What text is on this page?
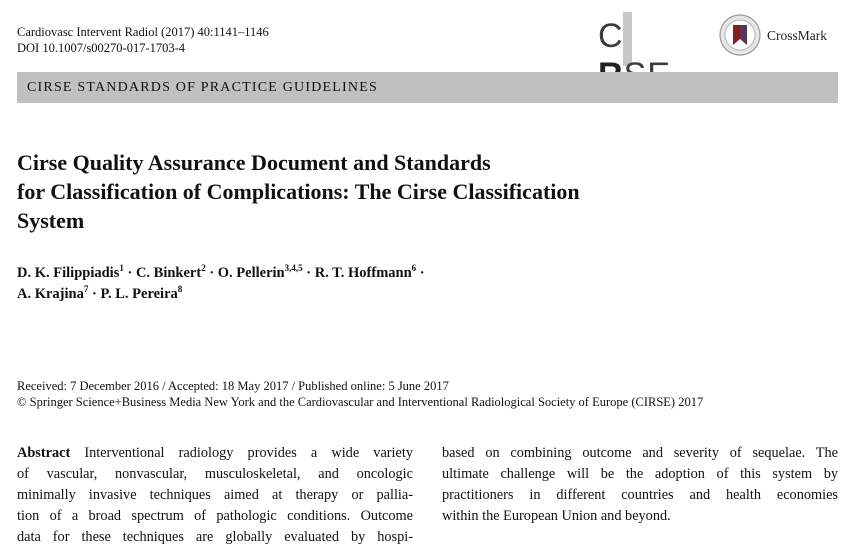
Cardiovasc Intervent Radiol (2017) 40:1141–1146
DOI 10.1007/s00270-017-1703-4	C	CrossMark
CIRSE STANDARDS OF PRACTICE GUIDELINES
Cirse Quality Assurance Document and Standards
for Classification of Complications: The Cirse Classification
System
D. K. Filippiadis$^1$ · C. Binkert$^2$ · O. Pellerin$^{3,4,5}$ · R. T. Hoffmann$^6$ ·
A. Krajina$^7$ · P. L. Pereira$^8$
Received: 7 December 2016 / Accepted: 18 May 2017 / Published online: 5 June 2017
© Springer Science+Business Media New York and the Cardiovascular and Interventional Radiological Society of Europe (CIRSE) 2017
Abstract Interventional radiology provides a wide variety
of vascular, nonvascular, musculoskeletal, and oncologic
minimally invasive techniques aimed at therapy or pallia-
tion of a broad spectrum of pathologic conditions. Outcome
data for these techniques are globally evaluated by hospi-
based on combining outcome and severity of sequelae. The
ultimate challenge will be the adoption of this system by
practitioners in different countries and health economies
within the European Union and beyond.
